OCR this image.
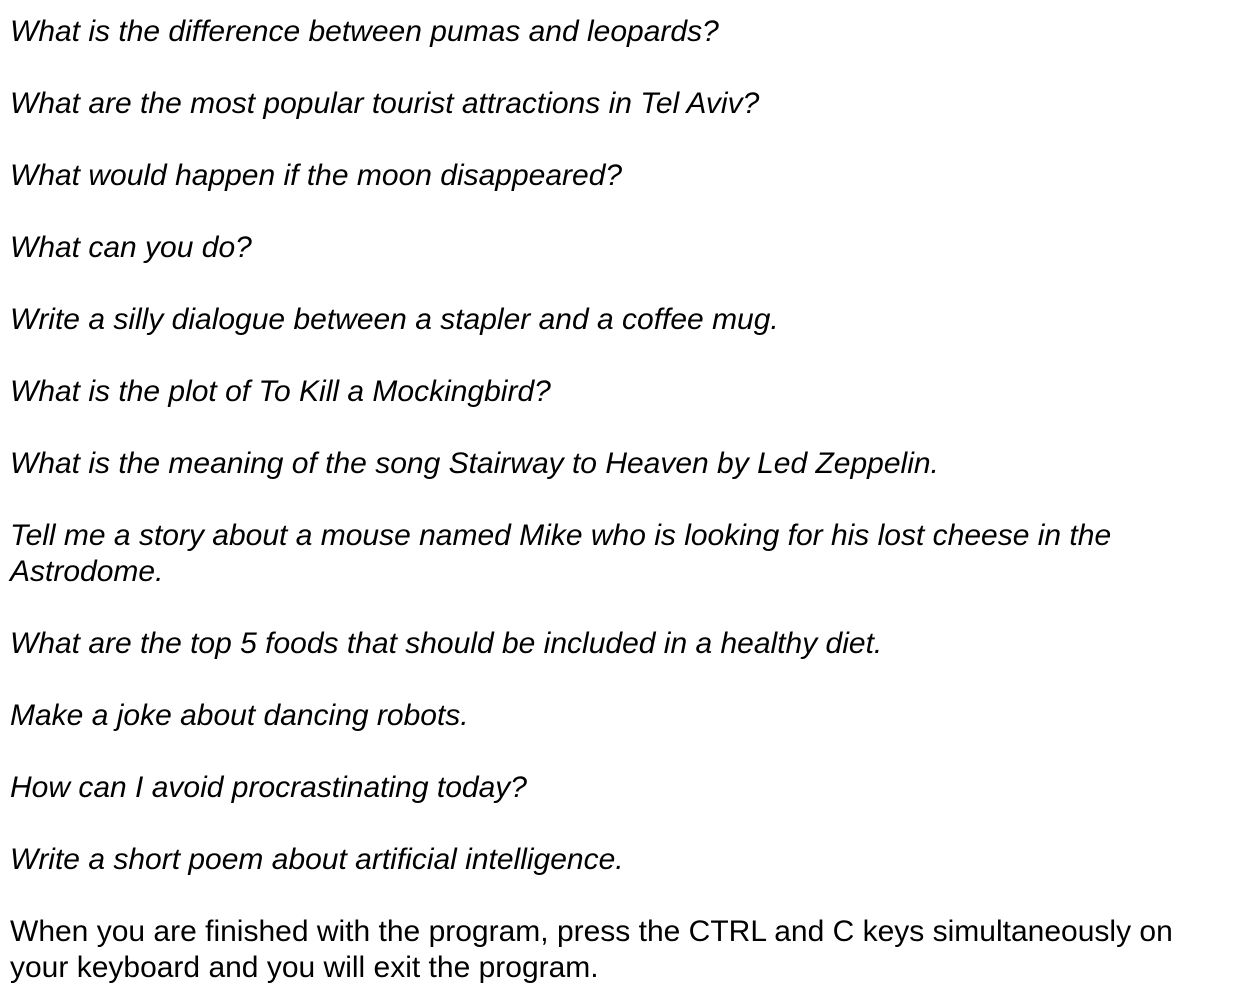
What is the difference between pumas and leopards?

What are the most popular tourist attractions in Tel Aviv?

What would happen if the moon disappeared?

What can you do?

Write a silly dialogue between a stapler and a coffee mug.

What is the plot of To Kill a Mockingbird?

What is the meaning of the song Stairway to Heaven by Led Zeppelin.

Tell me a story about a mouse named Mike who is looking for his lost cheese in the Astrodome.

What are the top 5 foods that should be included in a healthy diet.

Make a joke about dancing robots.

How can I avoid procrastinating today?

Write a short poem about artificial intelligence.

When you are finished with the program, press the CTRL and C keys simultaneously on your keyboard and you will exit the program.
